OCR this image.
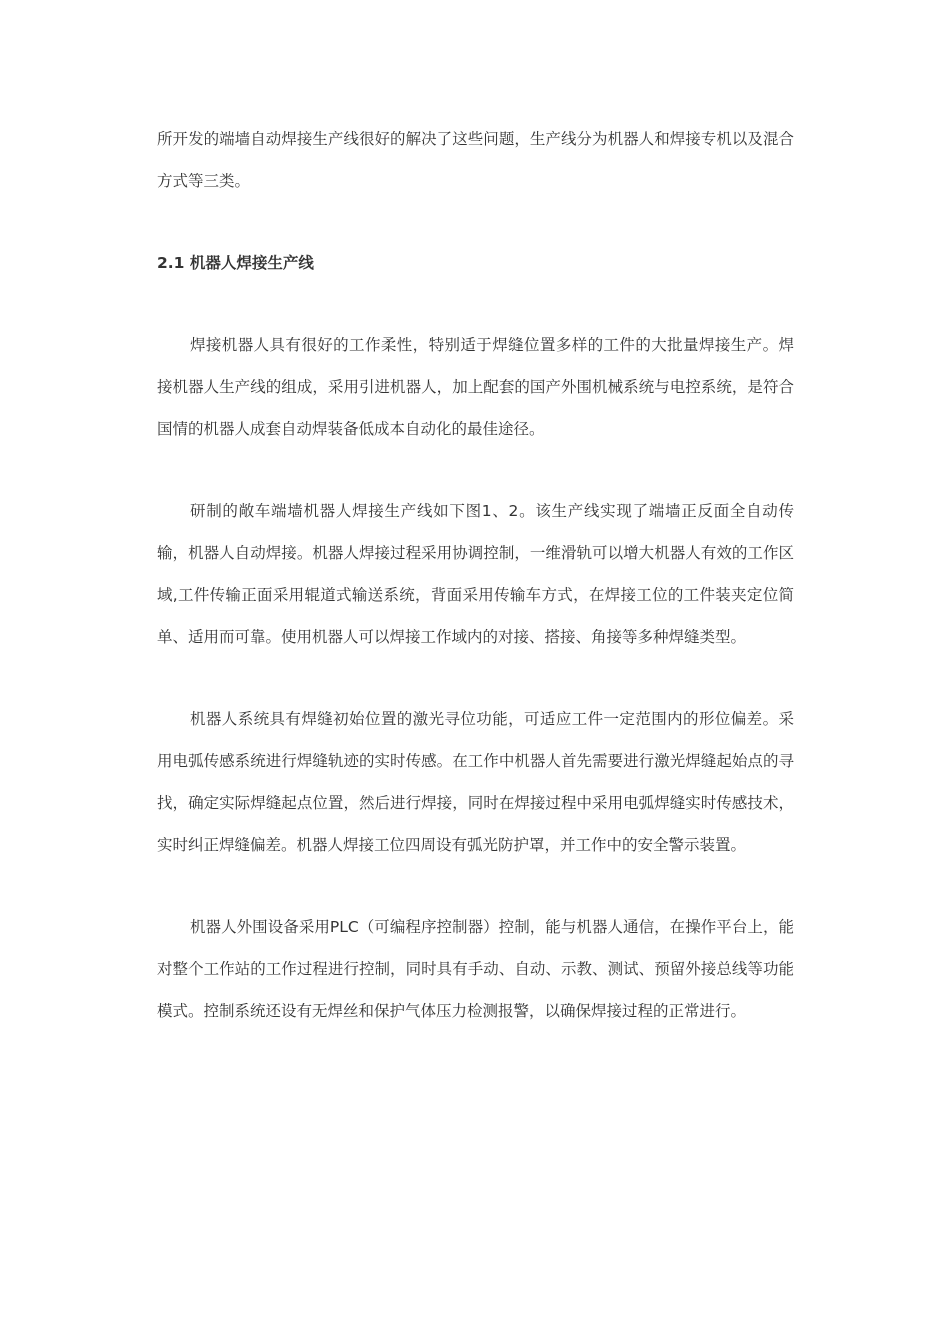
所开发的端墙自动焊接生产线很好的解决了这些问题，生产线分为机器人和焊接专机以及混合方式等三类。

2.1 机器人焊接生产线

焊接机器人具有很好的工作柔性，特别适于焊缝位置多样的工件的大批量焊接生产。焊接机器人生产线的组成，采用引进机器人，加上配套的国产外围机械系统与电控系统，是符合国情的机器人成套自动焊装备低成本自动化的最佳途径。

研制的敞车端墙机器人焊接生产线如下图1、2。该生产线实现了端墙正反面全自动传输，机器人自动焊接。机器人焊接过程采用协调控制，一维滑轨可以增大机器人有效的工作区域,工件传输正面采用辊道式输送系统，背面采用传输车方式，在焊接工位的工件装夹定位简单、适用而可靠。使用机器人可以焊接工作域内的对接、搭接、角接等多种焊缝类型。

机器人系统具有焊缝初始位置的激光寻位功能，可适应工件一定范围内的形位偏差。采用电弧传感系统进行焊缝轨迹的实时传感。在工作中机器人首先需要进行激光焊缝起始点的寻找，确定实际焊缝起点位置，然后进行焊接，同时在焊接过程中采用电弧焊缝实时传感技术，实时纠正焊缝偏差。机器人焊接工位四周设有弧光防护罩，并工作中的安全警示装置。

机器人外围设备采用PLC（可编程序控制器）控制，能与机器人通信，在操作平台上，能对整个工作站的工作过程进行控制，同时具有手动、自动、示教、测试、预留外接总线等功能模式。控制系统还设有无焊丝和保护气体压力检测报警，以确保焊接过程的正常进行。
